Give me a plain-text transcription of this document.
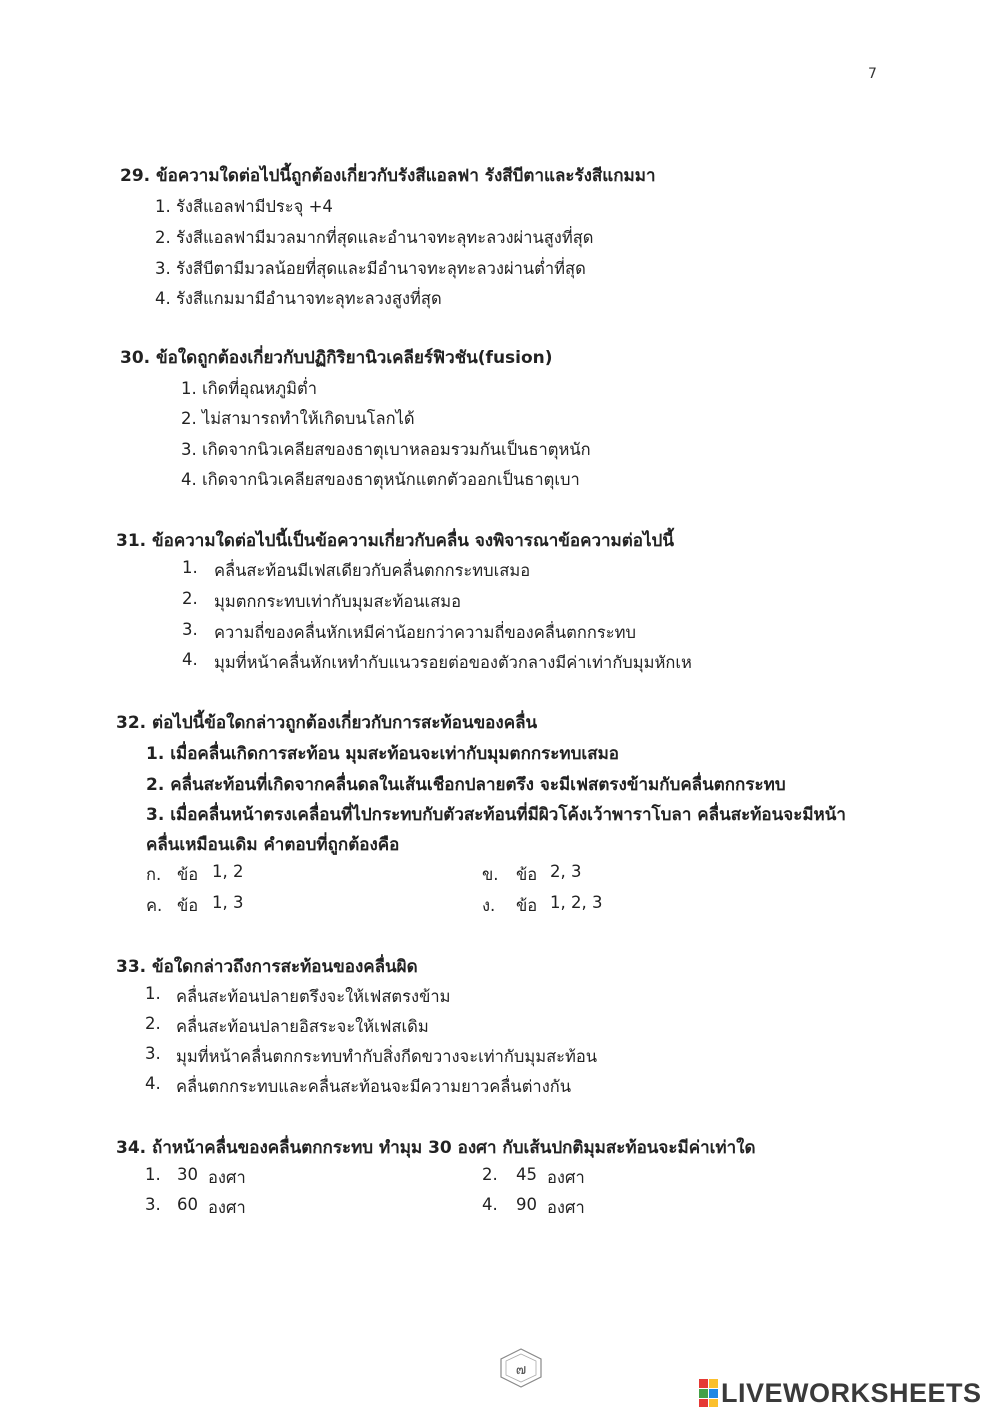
7
29. ข้อความใดต่อไปนี้ถูกต้องเกี่ยวกับรังสีแอลฟา รังสีบีตาและรังสีแกมมา
1. รังสีแอลฟามีประจุ +4
2. รังสีแอลฟามีมวลมากที่สุดและอำนาจทะลุทะลวงผ่านสูงที่สุด
3. รังสีบีตามีมวลน้อยที่สุดและมีอำนาจทะลุทะลวงผ่านต่ำที่สุด
4. รังสีแกมมามีอำนาจทะลุทะลวงสูงที่สุด
30. ข้อใดถูกต้องเกี่ยวกับปฏิกิริยานิวเคลียร์ฟิวชัน(fusion)
1. เกิดที่อุณหภูมิต่ำ
2. ไม่สามารถทำให้เกิดบนโลกได้
3. เกิดจากนิวเคลียสของธาตุเบาหลอมรวมกันเป็นธาตุหนัก
4. เกิดจากนิวเคลียสของธาตุหนักแตกตัวออกเป็นธาตุเบา
31. ข้อความใดต่อไปนี้เป็นข้อความเกี่ยวกับคลื่น จงพิจารณาข้อความต่อไปนี้
1. คลื่นสะท้อนมีเฟสเดียวกับคลื่นตกกระทบเสมอ
2. มุมตกกระทบเท่ากับมุมสะท้อนเสมอ
3. ความถี่ของคลื่นหักเหมีค่าน้อยกว่าความถี่ของคลื่นตกกระทบ
4. มุมที่หน้าคลื่นหักเหทำกับแนวรอยต่อของตัวกลางมีค่าเท่ากับมุมหักเห
32. ต่อไปนี้ข้อใดกล่าวถูกต้องเกี่ยวกับการสะท้อนของคลื่น
1. เมื่อคลื่นเกิดการสะท้อน มุมสะท้อนจะเท่ากับมุมตกกระทบเสมอ
2. คลื่นสะท้อนที่เกิดจากคลื่นดลในเส้นเชือกปลายตรึง จะมีเฟสตรงข้ามกับคลื่นตกกระทบ
3. เมื่อคลื่นหน้าตรงเคลื่อนที่ไปกระทบกับตัวสะท้อนที่มีผิวโค้งเว้าพาราโบลา คลื่นสะท้อนจะมีหน้า
คลื่นเหมือนเดิม คำตอบที่ถูกต้องคือ
ก. ข้อ 1, 2	ข. ข้อ 2, 3
ค. ข้อ 1, 3	ง. ข้อ 1, 2, 3
33. ข้อใดกล่าวถึงการสะท้อนของคลื่นผิด
1. คลื่นสะท้อนปลายตรึงจะให้เฟสตรงข้าม
2. คลื่นสะท้อนปลายอิสระจะให้เฟสเดิม
3. มุมที่หน้าคลื่นตกกระทบทำกับสิ่งกีดขวางจะเท่ากับมุมสะท้อน
4. คลื่นตกกระทบและคลื่นสะท้อนจะมีความยาวคลื่นต่างกัน
34. ถ้าหน้าคลื่นของคลื่นตกกระทบ ทำมุม 30 องศา กับเส้นปกติมุมสะท้อนจะมีค่าเท่าใด
1. 30 องศา	2. 45 องศา
3. 60 องศา	4. 90 องศา
๗
LIVEWORKSHEETS
